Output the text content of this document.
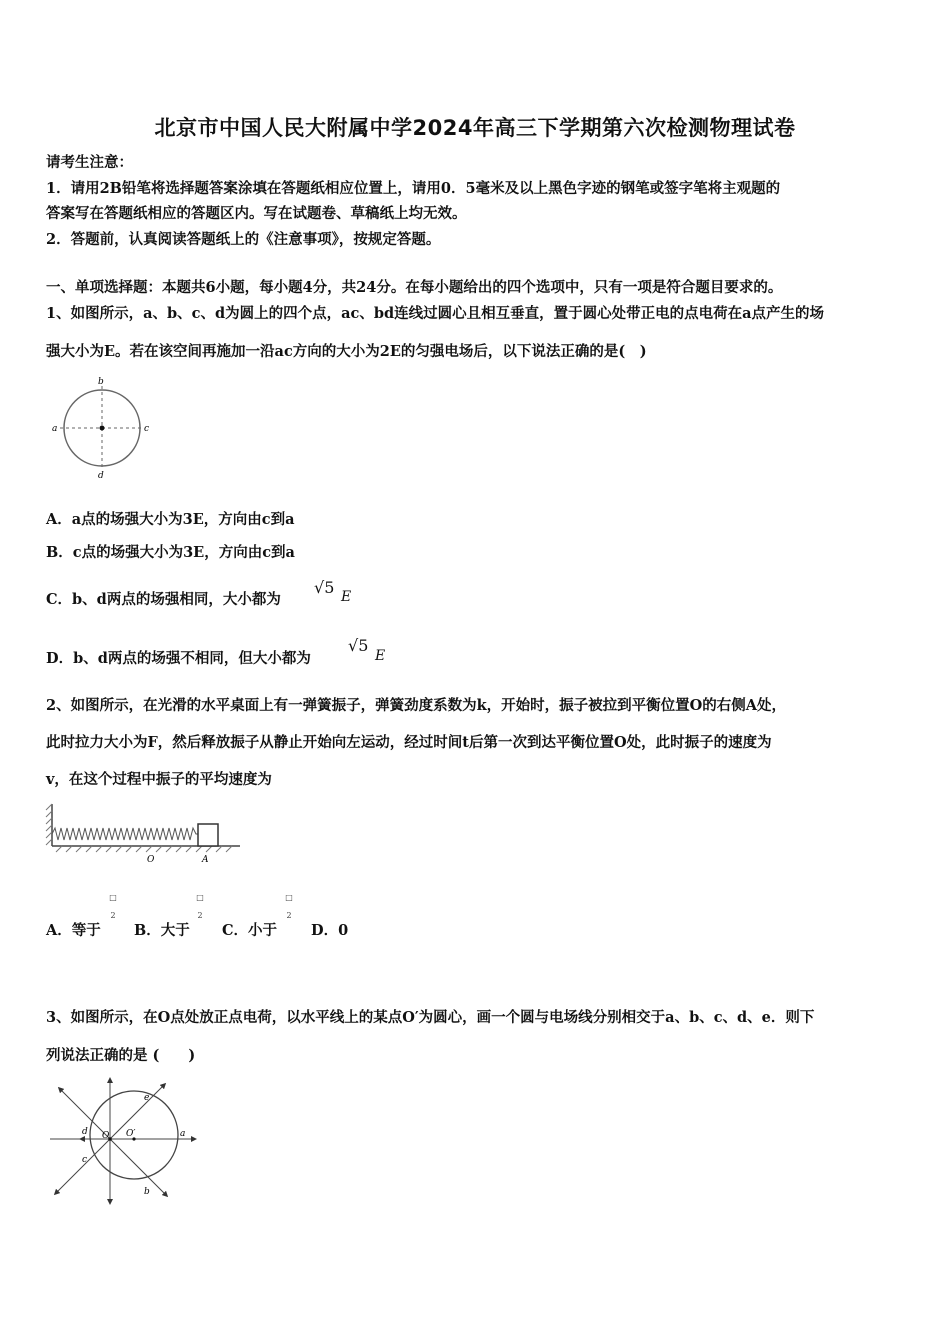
北京市中国人民大附属中学2024年高三下学期第六次检测物理试卷
请考生注意：
1．请用2B铅笔将选择题答案涂填在答题纸相应位置上，请用0．5毫米及以上黑色字迹的钢笔或签字笔将主观题的
答案写在答题纸相应的答题区内。写在试题卷、草稿纸上均无效。
2．答题前，认真阅读答题纸上的《注意事项》，按规定答题。
一、单项选择题：本题共6小题，每小题4分，共24分。在每小题给出的四个选项中，只有一项是符合题目要求的。
1、如图所示，a、b、c、d为圆上的四个点，ac、bd连线过圆心且相互垂直，置于圆心处带正电的点电荷在a点产生的场
强大小为E。若在该空间再施加一沿ac方向的大小为2E的匀强电场后，以下说法正确的是(　)
b
a	c
d
A．a点的场强大小为3E，方向由c到a
B．c点的场强大小为3E，方向由c到a
C．b、d两点的场强相同，大小都为
√5 E
D．b、d两点的场强不相同，但大小都为
√5
E
2、如图所示，在光滑的水平桌面上有一弹簧振子，弹簧劲度系数为k，开始时，振子被拉到平衡位置O的右侧A处，
此时拉力大小为F，然后释放振子从静止开始向左运动，经过时间t后第一次到达平衡位置O处，此时振子的速度为
v，在这个过程中振子的平均速度为
O	A
A．等于
□
2
B．大于
□
2
C．小于
□
2
D．0
3、如图所示，在O点处放正点电荷，以水平线上的某点O′为圆心，画一个圆与电场线分别相交于a、b、c、d、e．则下
列说法正确的是 (　　)
e
d O O′	a
c
b
